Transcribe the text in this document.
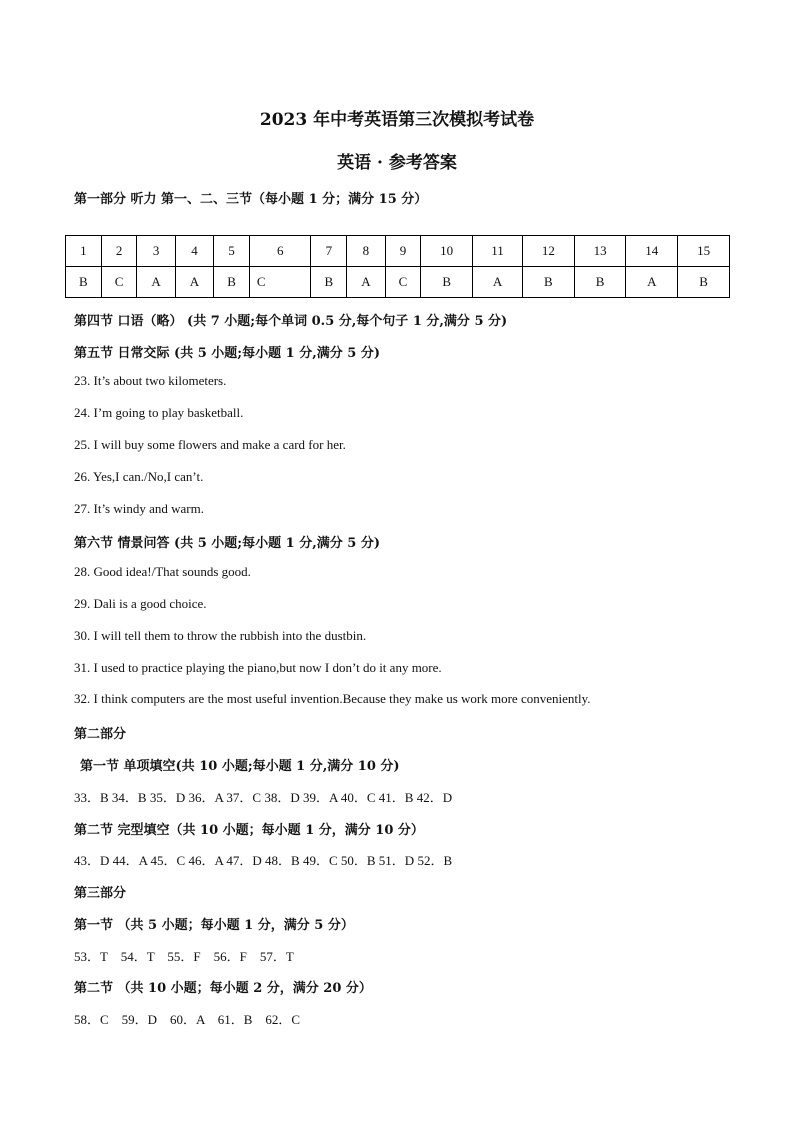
2023 年中考英语第三次模拟考试卷
英语 · 参考答案
第一部分 听力 第一、二、三节（每小题 1 分；满分 15 分）
1	2	3	4	5	6	7	8	9	10	11	12	13	14	15
B	C	A	A	B	C	B	A	C	B	A	B	B	A	B
第四节 口语（略） (共 7 小题;每个单词 0.5 分,每个句子 1 分,满分 5 分)
第五节 日常交际 (共 5 小题;每小题 1 分,满分 5 分)
23. It’s about two kilometers.
24. I’m going to play basketball.
25. I will buy some flowers and make a card for her.
26. Yes,I can./No,I can’t.
27. It’s windy and warm.
第六节 情景问答 (共 5 小题;每小题 1 分,满分 5 分)
28. Good idea!/That sounds good.
29. Dali is a good choice.
30. I will tell them to throw the rubbish into the dustbin.
31. I used to practice playing the piano,but now I don’t do it any more.
32. I think computers are the most useful invention.Because they make us work more conveniently.
第二部分
第一节 单项填空(共 10 小题;每小题 1 分,满分 10 分)
33．B 34．B 35．D 36．A 37．C 38．D 39．A 40．C 41．B 42．D
第二节 完型填空（共 10 小题；每小题 1 分，满分 10 分）
43．D 44．A 45．C 46．A 47．D 48．B 49．C 50．B 51．D 52．B
第三部分
第一节 （共 5 小题；每小题 1 分，满分 5 分）
53．T    54．T    55．F    56．F    57．T
第二节 （共 10 小题；每小题 2 分，满分 20 分）
58．C    59．D    60．A    61．B    62．C
